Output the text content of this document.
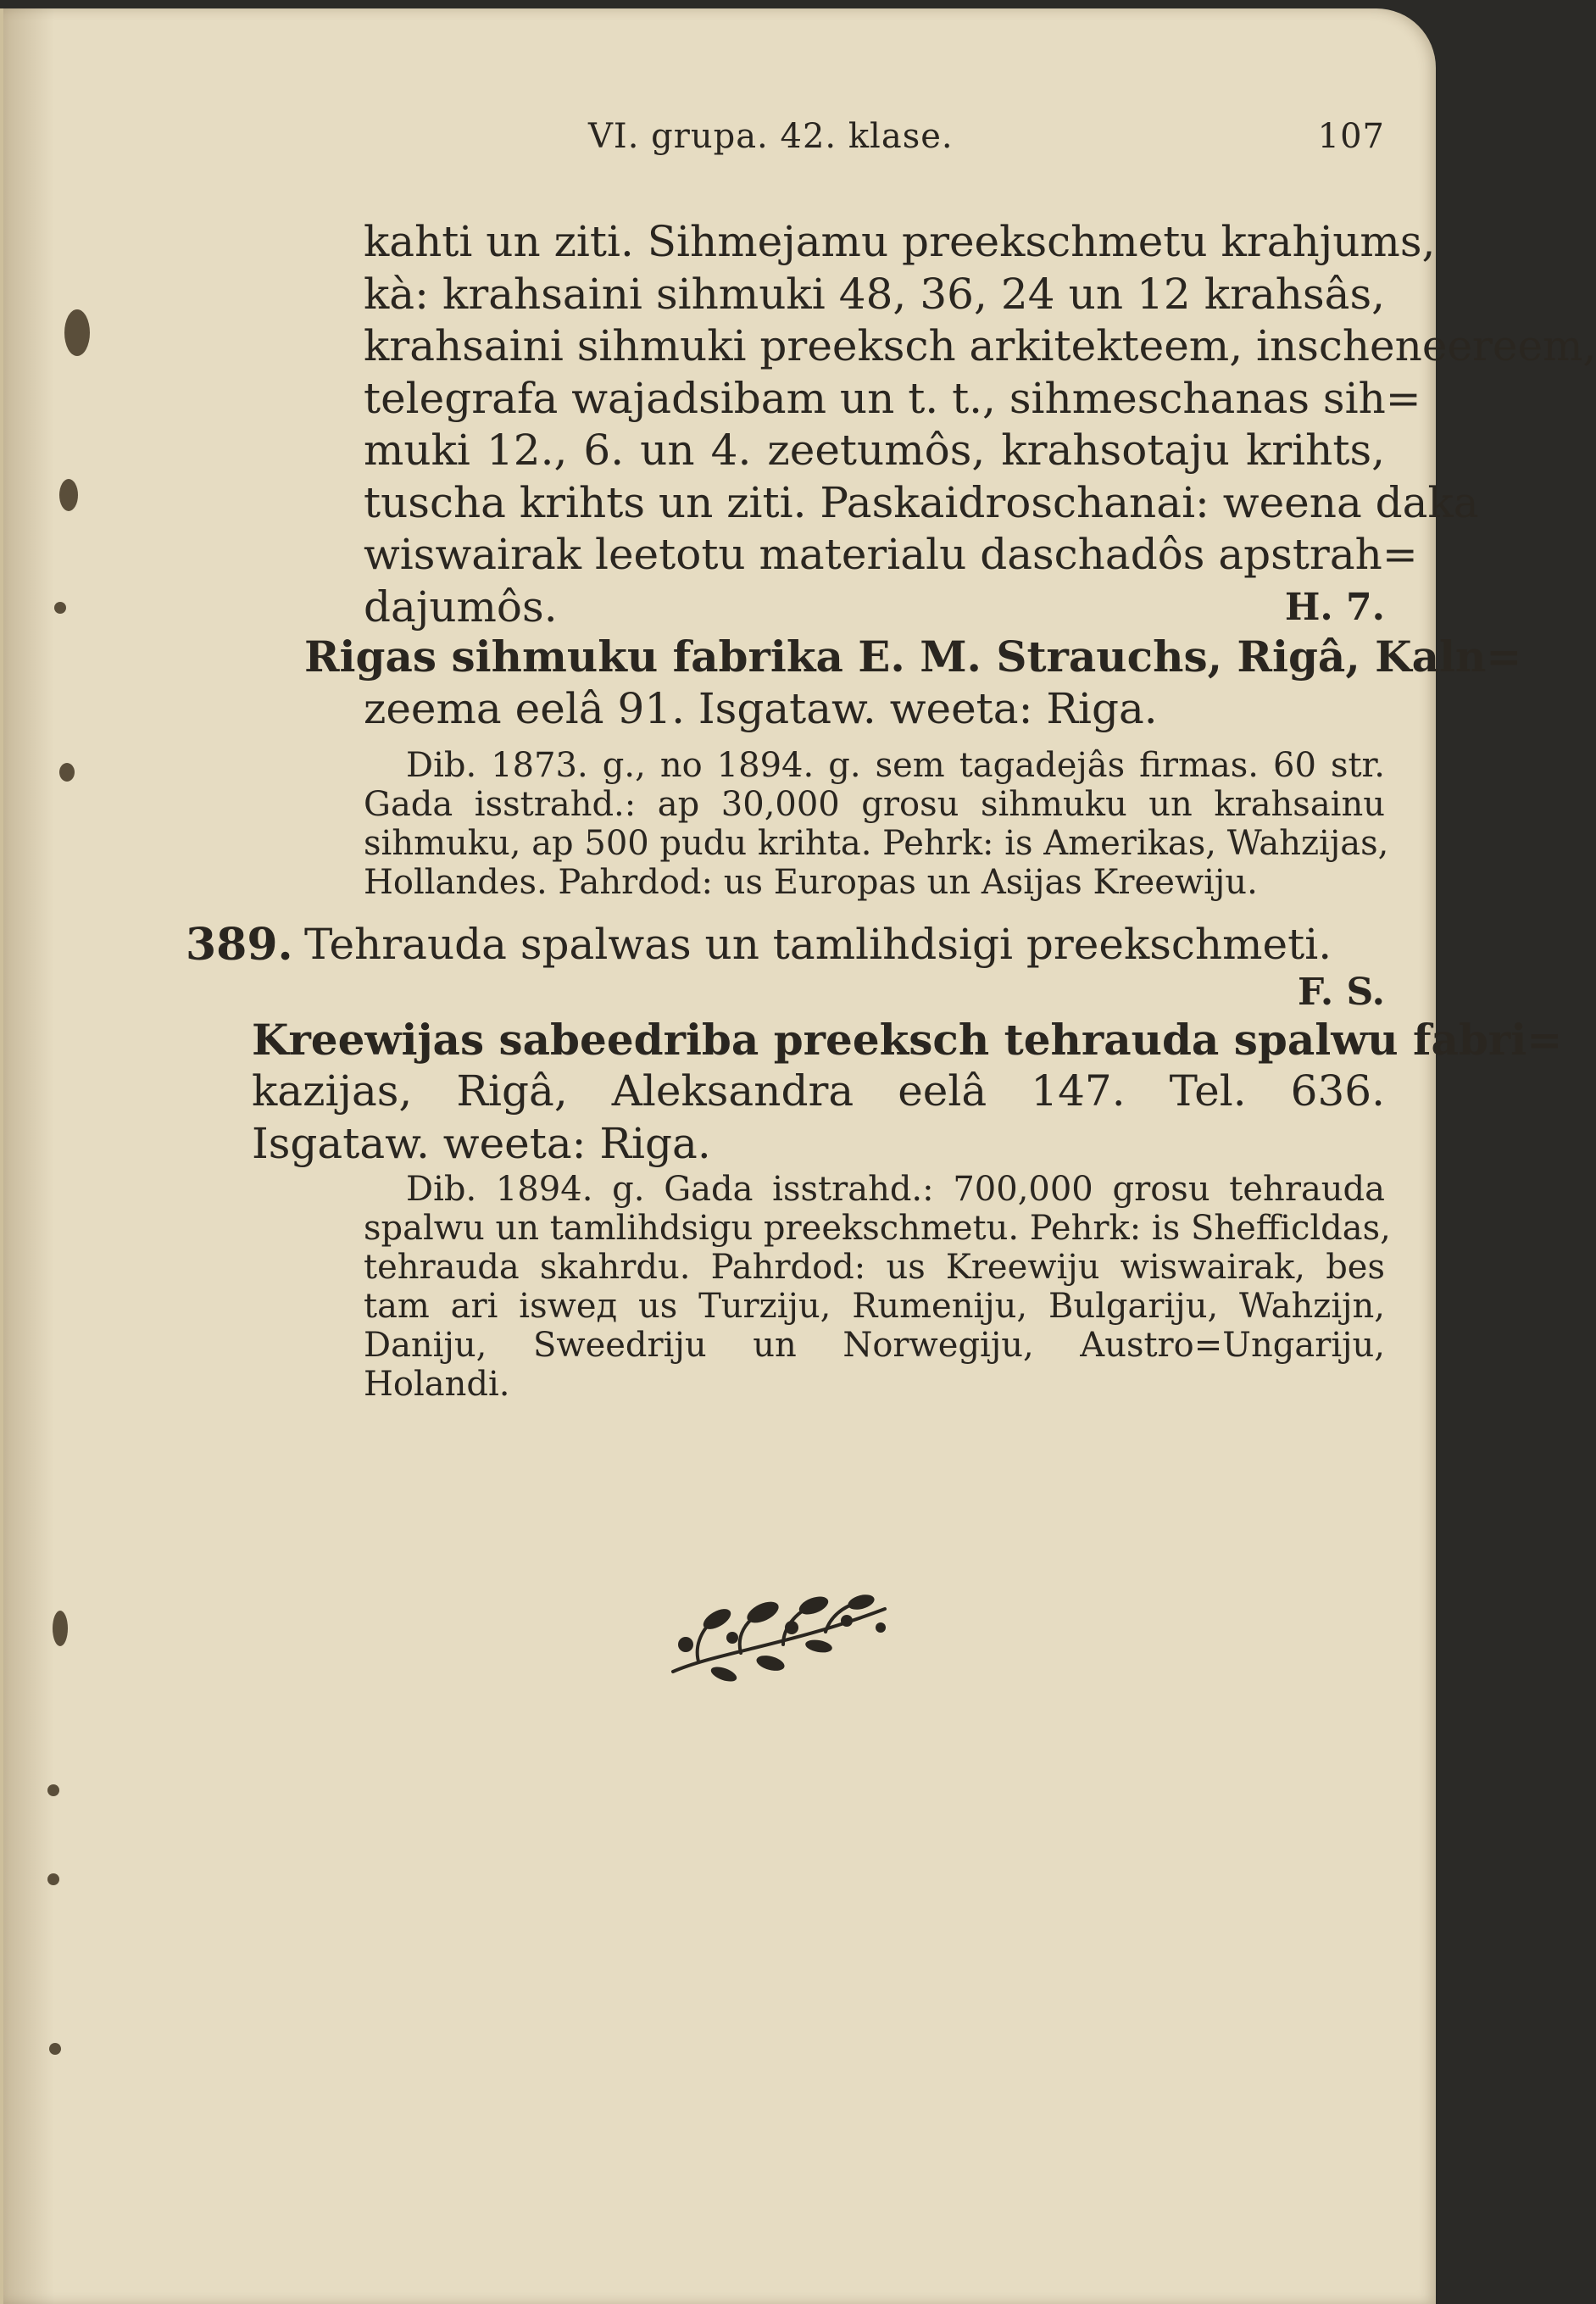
VI. grupa. 42. klase.	107
kahti un ziti. Sihmejamu preekschmetu krahjums,
kà: krahsaini sihmuki 48, 36, 24 un 12 krahsâs,
krahsaini sihmuki preeksch arkitekteem, inscheneereem,
telegrafa wajadsibam un t. t., sihmeschanas sih=
muki 12., 6. un 4. zeetumôs, krahsotaju krihts,
tuscha krihts un ziti. Paskaidroschanai: weena daka
wiswairak leetotu materialu daschadôs apstrah=
dajumôs.	H. 7.
Rigas sihmuku fabrika E. M. Strauchs, Rigâ, Kaln=
zeema eelâ 91. Isgataw. weeta: Riga.
Dib. 1873. g., no 1894. g. sem tagadejâs firmas. 60 str.
Gada isstrahd.: ap 30,000 grosu sihmuku un krahsainu
sihmuku, ap 500 pudu krihta. Pehrk: is Amerikas, Wahzijas,
Hollandes. Pahrdod: us Europas un Asijas Kreewiju.
389. Tehrauda spalwas un tamlihdsigi preekschmeti.
F. S.
Kreewijas sabeedriba preeksch tehrauda spalwu fabri=
kazijas, Rigâ, Aleksandra eelâ 147. Tel. 636.
Isgataw. weeta: Riga.
Dib. 1894. g. Gada isstrahd.: 700,000 grosu tehrauda
spalwu un tamlihdsigu preekschmetu. Pehrk: is Shefficldas,
tehrauda skahrdu. Pahrdod: us Kreewiju wiswairak, bes
tam ari isweд us Turziju, Rumeniju, Bulgariju, Wahzijn,
Daniju, Sweedriju un Norwegiju, Austro=Ungariju,
Holandi.
